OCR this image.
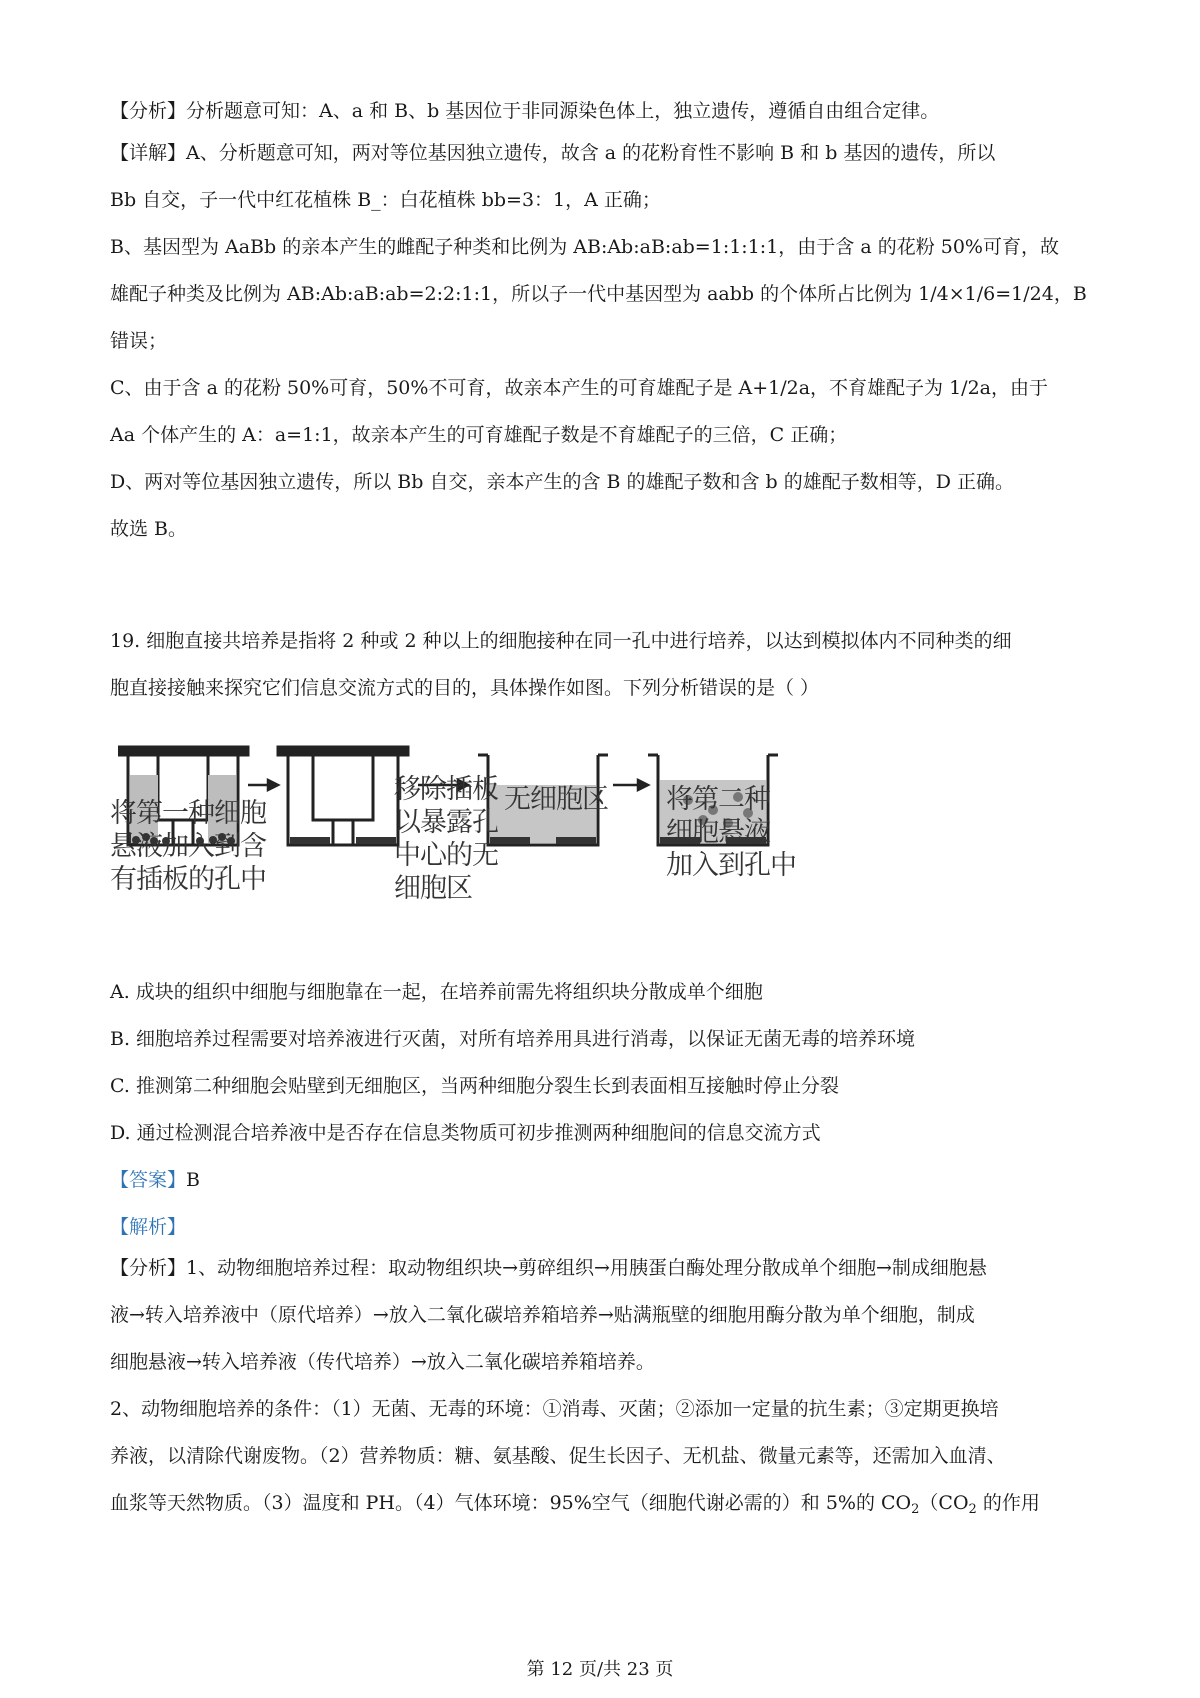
【分析】分析题意可知：A、a 和 B、b 基因位于非同源染色体上，独立遗传，遵循自由组合定律。

【详解】A、分析题意可知，两对等位基因独立遗传，故含 a 的花粉育性不影响 B 和 b 基因的遗传，所以
Bb 自交，子一代中红花植株 B_：白花植株 bb=3：1，A 正确；
B、基因型为 AaBb 的亲本产生的雌配子种类和比例为 AB:Ab:aB:ab=1:1:1:1，由于含 a 的花粉 50%可育，故
雄配子种类及比例为 AB:Ab:aB:ab=2:2:1:1，所以子一代中基因型为 aabb 的个体所占比例为 1/4×1/6=1/24，B
错误；
C、由于含 a 的花粉 50%可育，50%不可育，故亲本产生的可育雄配子是 A+1/2a，不育雄配子为 1/2a，由于
Aa 个体产生的 A：a=1:1，故亲本产生的可育雄配子数是不育雄配子的三倍，C 正确；
D、两对等位基因独立遗传，所以 Bb 自交，亲本产生的含 B 的雄配子数和含 b 的雄配子数相等，D 正确。
故选 B。
19. 细胞直接共培养是指将 2 种或 2 种以上的细胞接种在同一孔中进行培养，以达到模拟体内不同种类的细
胞直接接触来探究它们信息交流方式的目的，具体操作如图。下列分析错误的是（ ）
将第一种细胞
悬液加入到含
有插板的孔中
移除插板
以暴露孔
中心的无
细胞区
无细胞区 将第二种
细胞悬液
加入到孔中
A. 成块的组织中细胞与细胞靠在一起，在培养前需先将组织块分散成单个细胞
B. 细胞培养过程需要对培养液进行灭菌，对所有培养用具进行消毒，以保证无菌无毒的培养环境
C. 推测第二种细胞会贴壁到无细胞区，当两种细胞分裂生长到表面相互接触时停止分裂
D. 通过检测混合培养液中是否存在信息类物质可初步推测两种细胞间的信息交流方式
【答案】B
【解析】
【分析】1、动物细胞培养过程：取动物组织块→剪碎组织→用胰蛋白酶处理分散成单个细胞→制成细胞悬
液→转入培养液中（原代培养）→放入二氧化碳培养箱培养→贴满瓶壁的细胞用酶分散为单个细胞，制成
细胞悬液→转入培养液（传代培养）→放入二氧化碳培养箱培养。
2、动物细胞培养的条件：（1）无菌、无毒的环境：①消毒、灭菌；②添加一定量的抗生素；③定期更换培
养液，以清除代谢废物。（2）营养物质：糖、氨基酸、促生长因子、无机盐、微量元素等，还需加入血清、
血浆等天然物质。（3）温度和 PH。（4）气体环境：95%空气（细胞代谢必需的）和 5%的 $CO_2(CO_2$ 的作用
第 12 页/共 23 页
